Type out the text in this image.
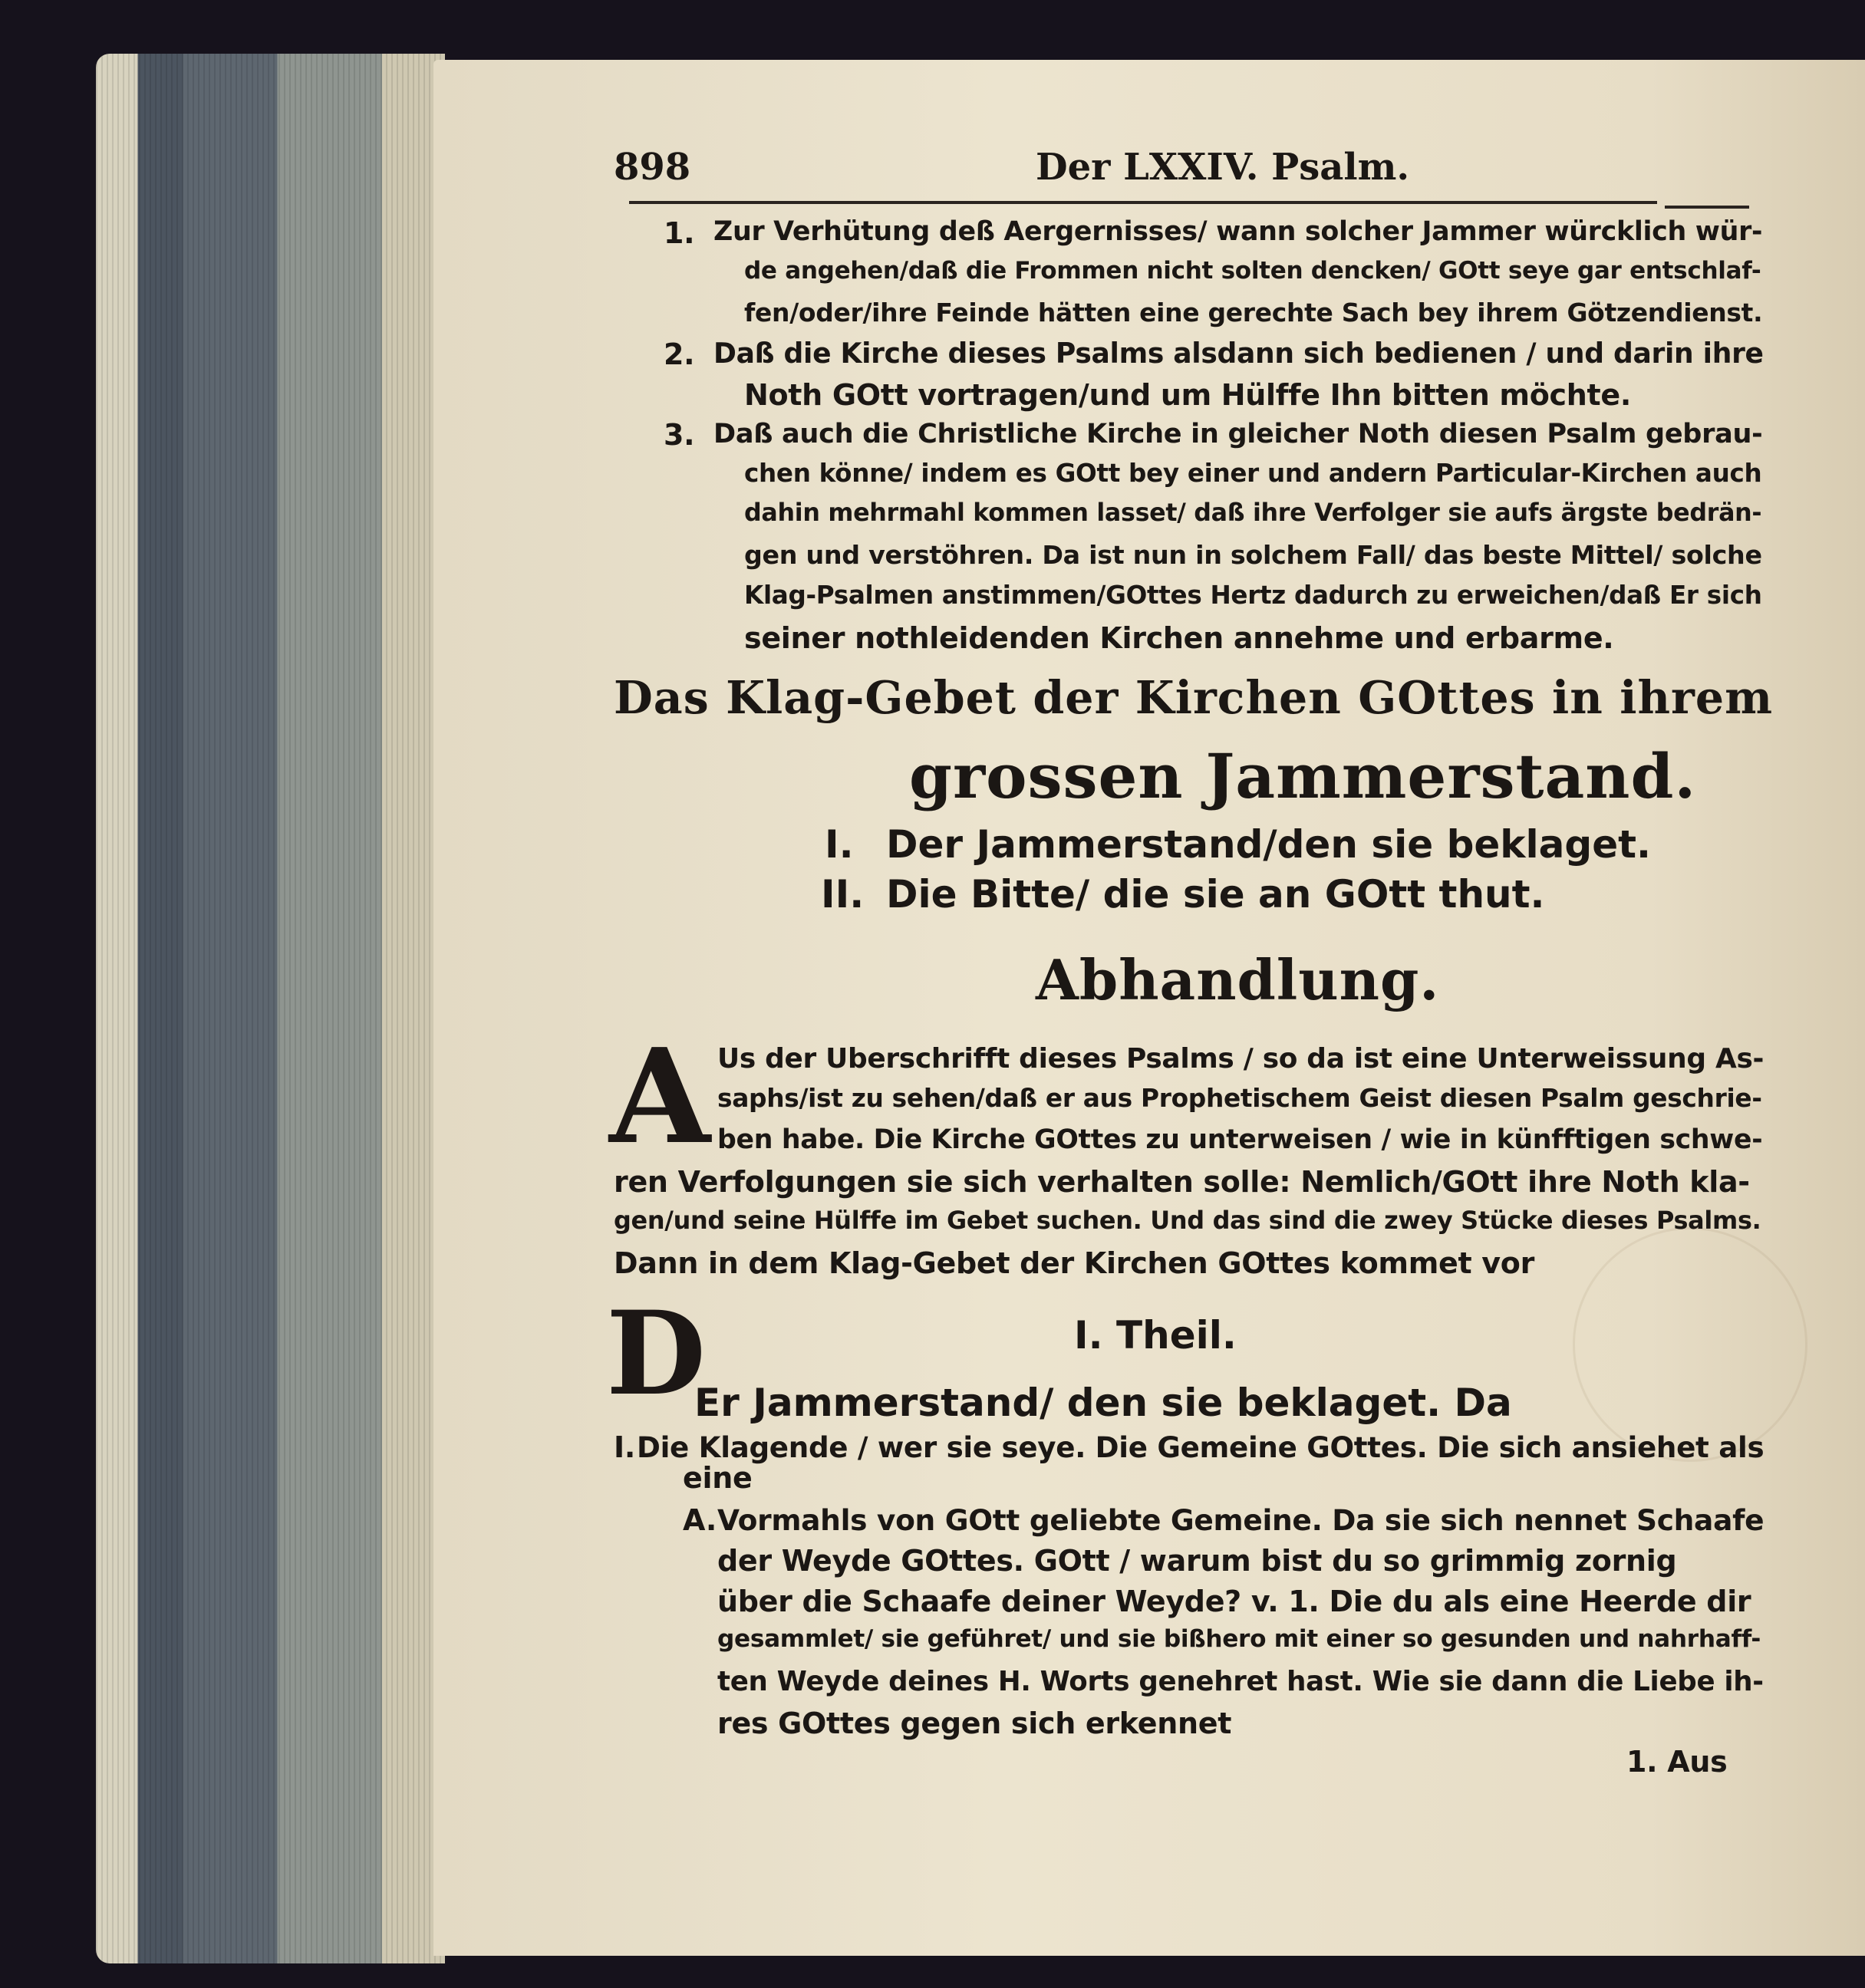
898	Der LXXIV. Psalm.
1. Zur Verhütung deß Aergernisses/ wann solcher Jammer würcklich wür-
de angehen/daß die Frommen nicht solten dencken/ GOtt seye gar entschlaf-
fen/oder/ihre Feinde hätten eine gerechte Sach bey ihrem Götzendienst.
2. Daß die Kirche dieses Psalms alsdann sich bedienen / und darin ihre
Noth GOtt vortragen/und um Hülffe Ihn bitten möchte.
3. Daß auch die Christliche Kirche in gleicher Noth diesen Psalm gebrau-
chen könne/ indem es GOtt bey einer und andern Particular-Kirchen auch
dahin mehrmahl kommen lasset/ daß ihre Verfolger sie aufs ärgste bedrän-
gen und verstöhren. Da ist nun in solchem Fall/ das beste Mittel/ solche
Klag-Psalmen anstimmen/GOttes Hertz dadurch zu erweichen/daß Er sich
seiner nothleidenden Kirchen annehme und erbarme.
Das Klag-Gebet der Kirchen GOttes in ihrem
grossen Jammerstand.
I. Der Jammerstand/den sie beklaget.
II. Die Bitte/ die sie an GOtt thut.
Abhandlung.
A Us der Uberschrifft dieses Psalms / so da ist eine Unterweissung As-
saphs/ist zu sehen/daß er aus Prophetischem Geist diesen Psalm geschrie-
ben habe. Die Kirche GOttes zu unterweisen / wie in künfftigen schwe-
ren Verfolgungen sie sich verhalten solle: Nemlich/GOtt ihre Noth kla-
gen/und seine Hülffe im Gebet suchen. Und das sind die zwey Stücke dieses Psalms.
Dann in dem Klag-Gebet der Kirchen GOttes kommet vor
I. Theil.
D
Er Jammerstand/ den sie beklaget. Da
I. Die Klagende / wer sie seye. Die Gemeine GOttes. Die sich ansiehet als
eine
A. Vormahls von GOtt geliebte Gemeine. Da sie sich nennet Schaafe
der Weyde GOttes. GOtt / warum bist du so grimmig zornig
über die Schaafe deiner Weyde? v. 1. Die du als eine Heerde dir
gesammlet/ sie geführet/ und sie bißhero mit einer so gesunden und nahrhaff-
ten Weyde deines H. Worts genehret hast. Wie sie dann die Liebe ih-
res GOttes gegen sich erkennet
1. Aus
